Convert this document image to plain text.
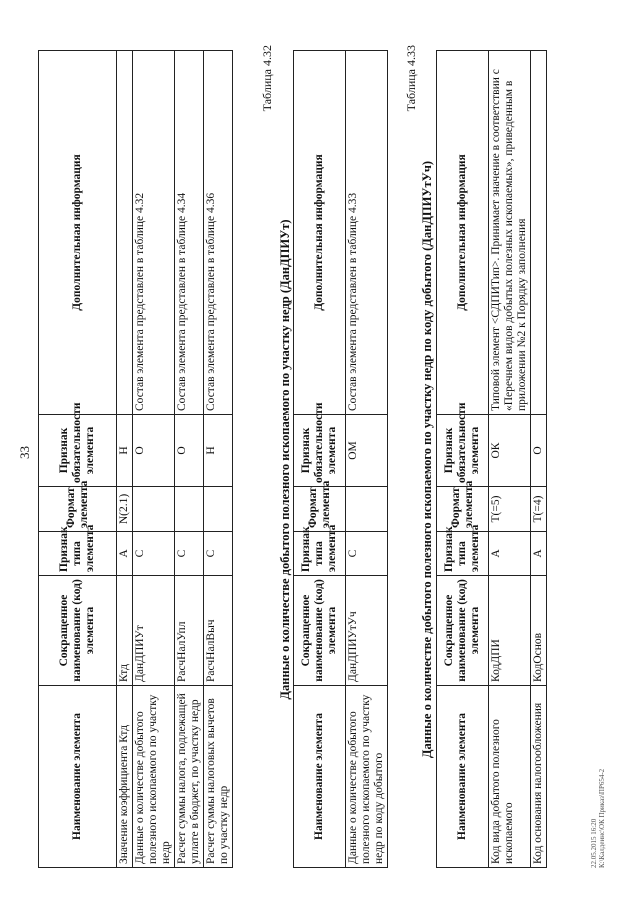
33
Наименование элемента	Сокращенное наименование (код) элемента	Признак типа элемента	Формат элемента	Признак обязательности элемента	Дополнительная информация
Значение коэффициента Ктд	Ктд	А	N(2.1)	Н	
Данные о количестве добытого полезного ископаемого по участку недр	ДанДПИУт	С		О	Состав элемента представлен в таблице 4.32
Расчет суммы налога, подлежащей уплате в бюджет, по участку недр	РасчНалУпл	С		О	Состав элемента представлен в таблице 4.34
Расчет суммы налоговых вычетов по участку недр	РасчНалВыч	С		Н	Состав элемента представлен в таблице 4.36
Таблица 4.32
Данные о количестве добытого полезного ископаемого по участку недр (ДанДПИУт)
Наименование элемента	Сокращенное наименование (код) элемента	Признак типа элемента	Формат элемента	Признак обязательности элемента	Дополнительная информация
Данные о количестве добытого полезного ископаемого по участку недр по коду добытого	ДанДПИУтУч	С		ОМ	Состав элемента представлен в таблице 4.33
Таблица 4.33
Данные о количестве добытого полезного ископаемого по участку недр по коду добытого (ДанДПИУтУч)
Наименование элемента	Сокращенное наименование (код) элемента	Признак типа элемента	Формат элемента	Признак обязательности элемента	Дополнительная информация
Код вида добытого полезного ископаемого	КодДПИ	А	T(=5)	ОК	Типовой элемент <СДПИТип>. Принимает значение в соответствии с «Перечнем видов добытых полезных ископаемых», приведенным в приложении №2 к Порядку заполнения
Код основания налогообложения	КодОснов	А	T(=4)	О	
22.05.2015 16:20 К:\Калдеинс\ОК Приказ\ПР654-2
